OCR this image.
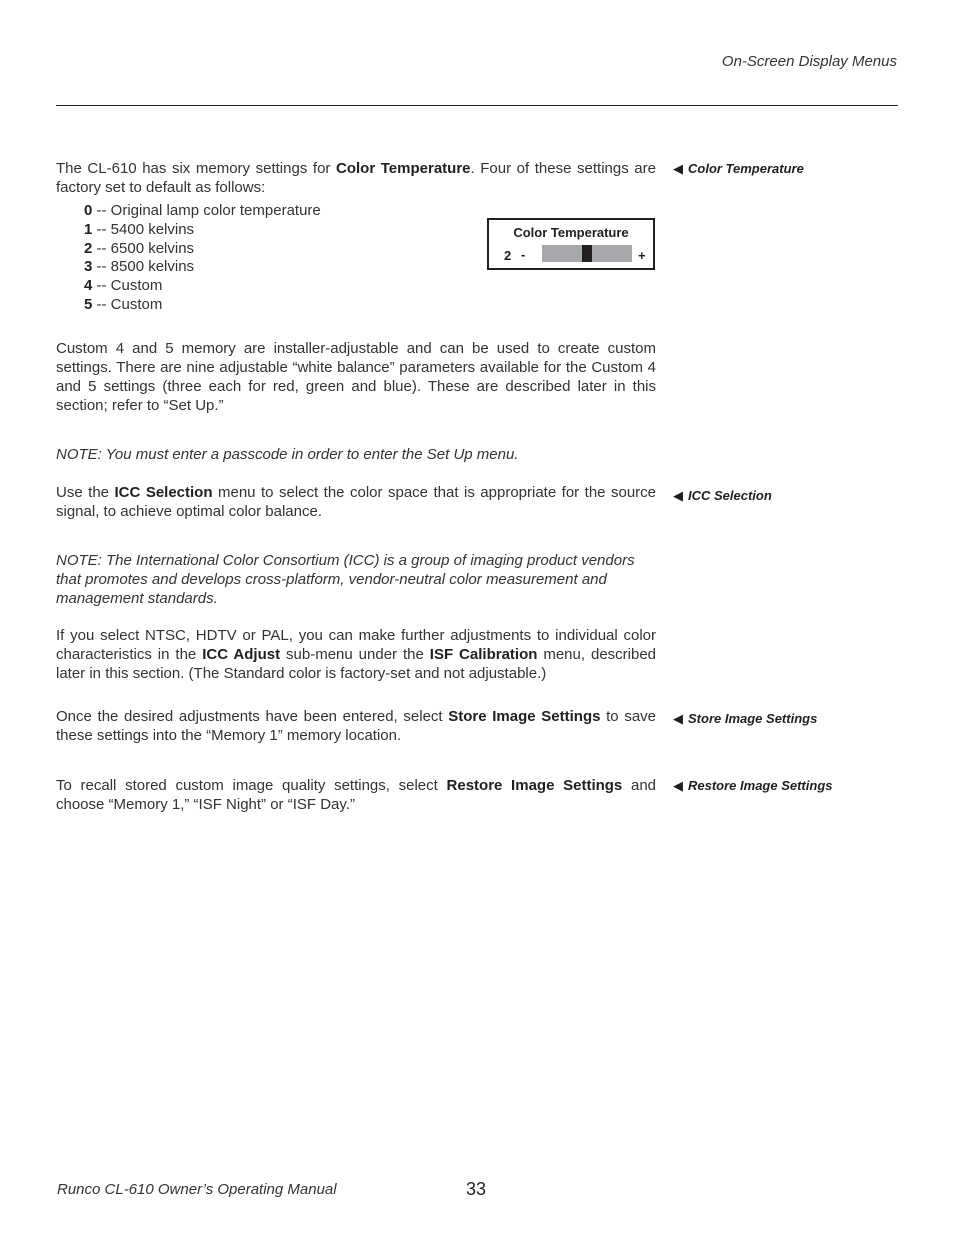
On-Screen Display Menus
The CL-610 has six memory settings for Color Temperature. Four of these settings are factory set to default as follows:
◀ Color Temperature
0 -- Original lamp color temperature
1 -- 5400 kelvins
2 -- 6500 kelvins
3 -- 8500 kelvins
4 -- Custom
5 -- Custom
Color Temperature
2 -	+
Custom 4 and 5 memory are installer-adjustable and can be used to create custom settings. There are nine adjustable “white balance” parameters available for the Custom 4 and 5 settings (three each for red, green and blue). These are described later in this section; refer to “Set Up.”
NOTE: You must enter a passcode in order to enter the Set Up menu.
Use the ICC Selection menu to select the color space that is appropriate for the source signal, to achieve optimal color balance.
◀ ICC Selection
NOTE: The International Color Consortium (ICC) is a group of imaging product vendors that promotes and develops cross-platform, vendor-neutral color measurement and management standards.
If you select NTSC, HDTV or PAL, you can make further adjustments to individual color characteristics in the ICC Adjust sub-menu under the ISF Calibration menu, described later in this section. (The Standard color is factory-set and not adjustable.)
Once the desired adjustments have been entered, select Store Image Settings to save these settings into the “Memory 1” memory location.
◀ Store Image Settings
To recall stored custom image quality settings, select Restore Image Settings and choose “Memory 1,” “ISF Night” or “ISF Day.”
◀ Restore Image Settings
Runco CL-610 Owner’s Operating Manual	33
